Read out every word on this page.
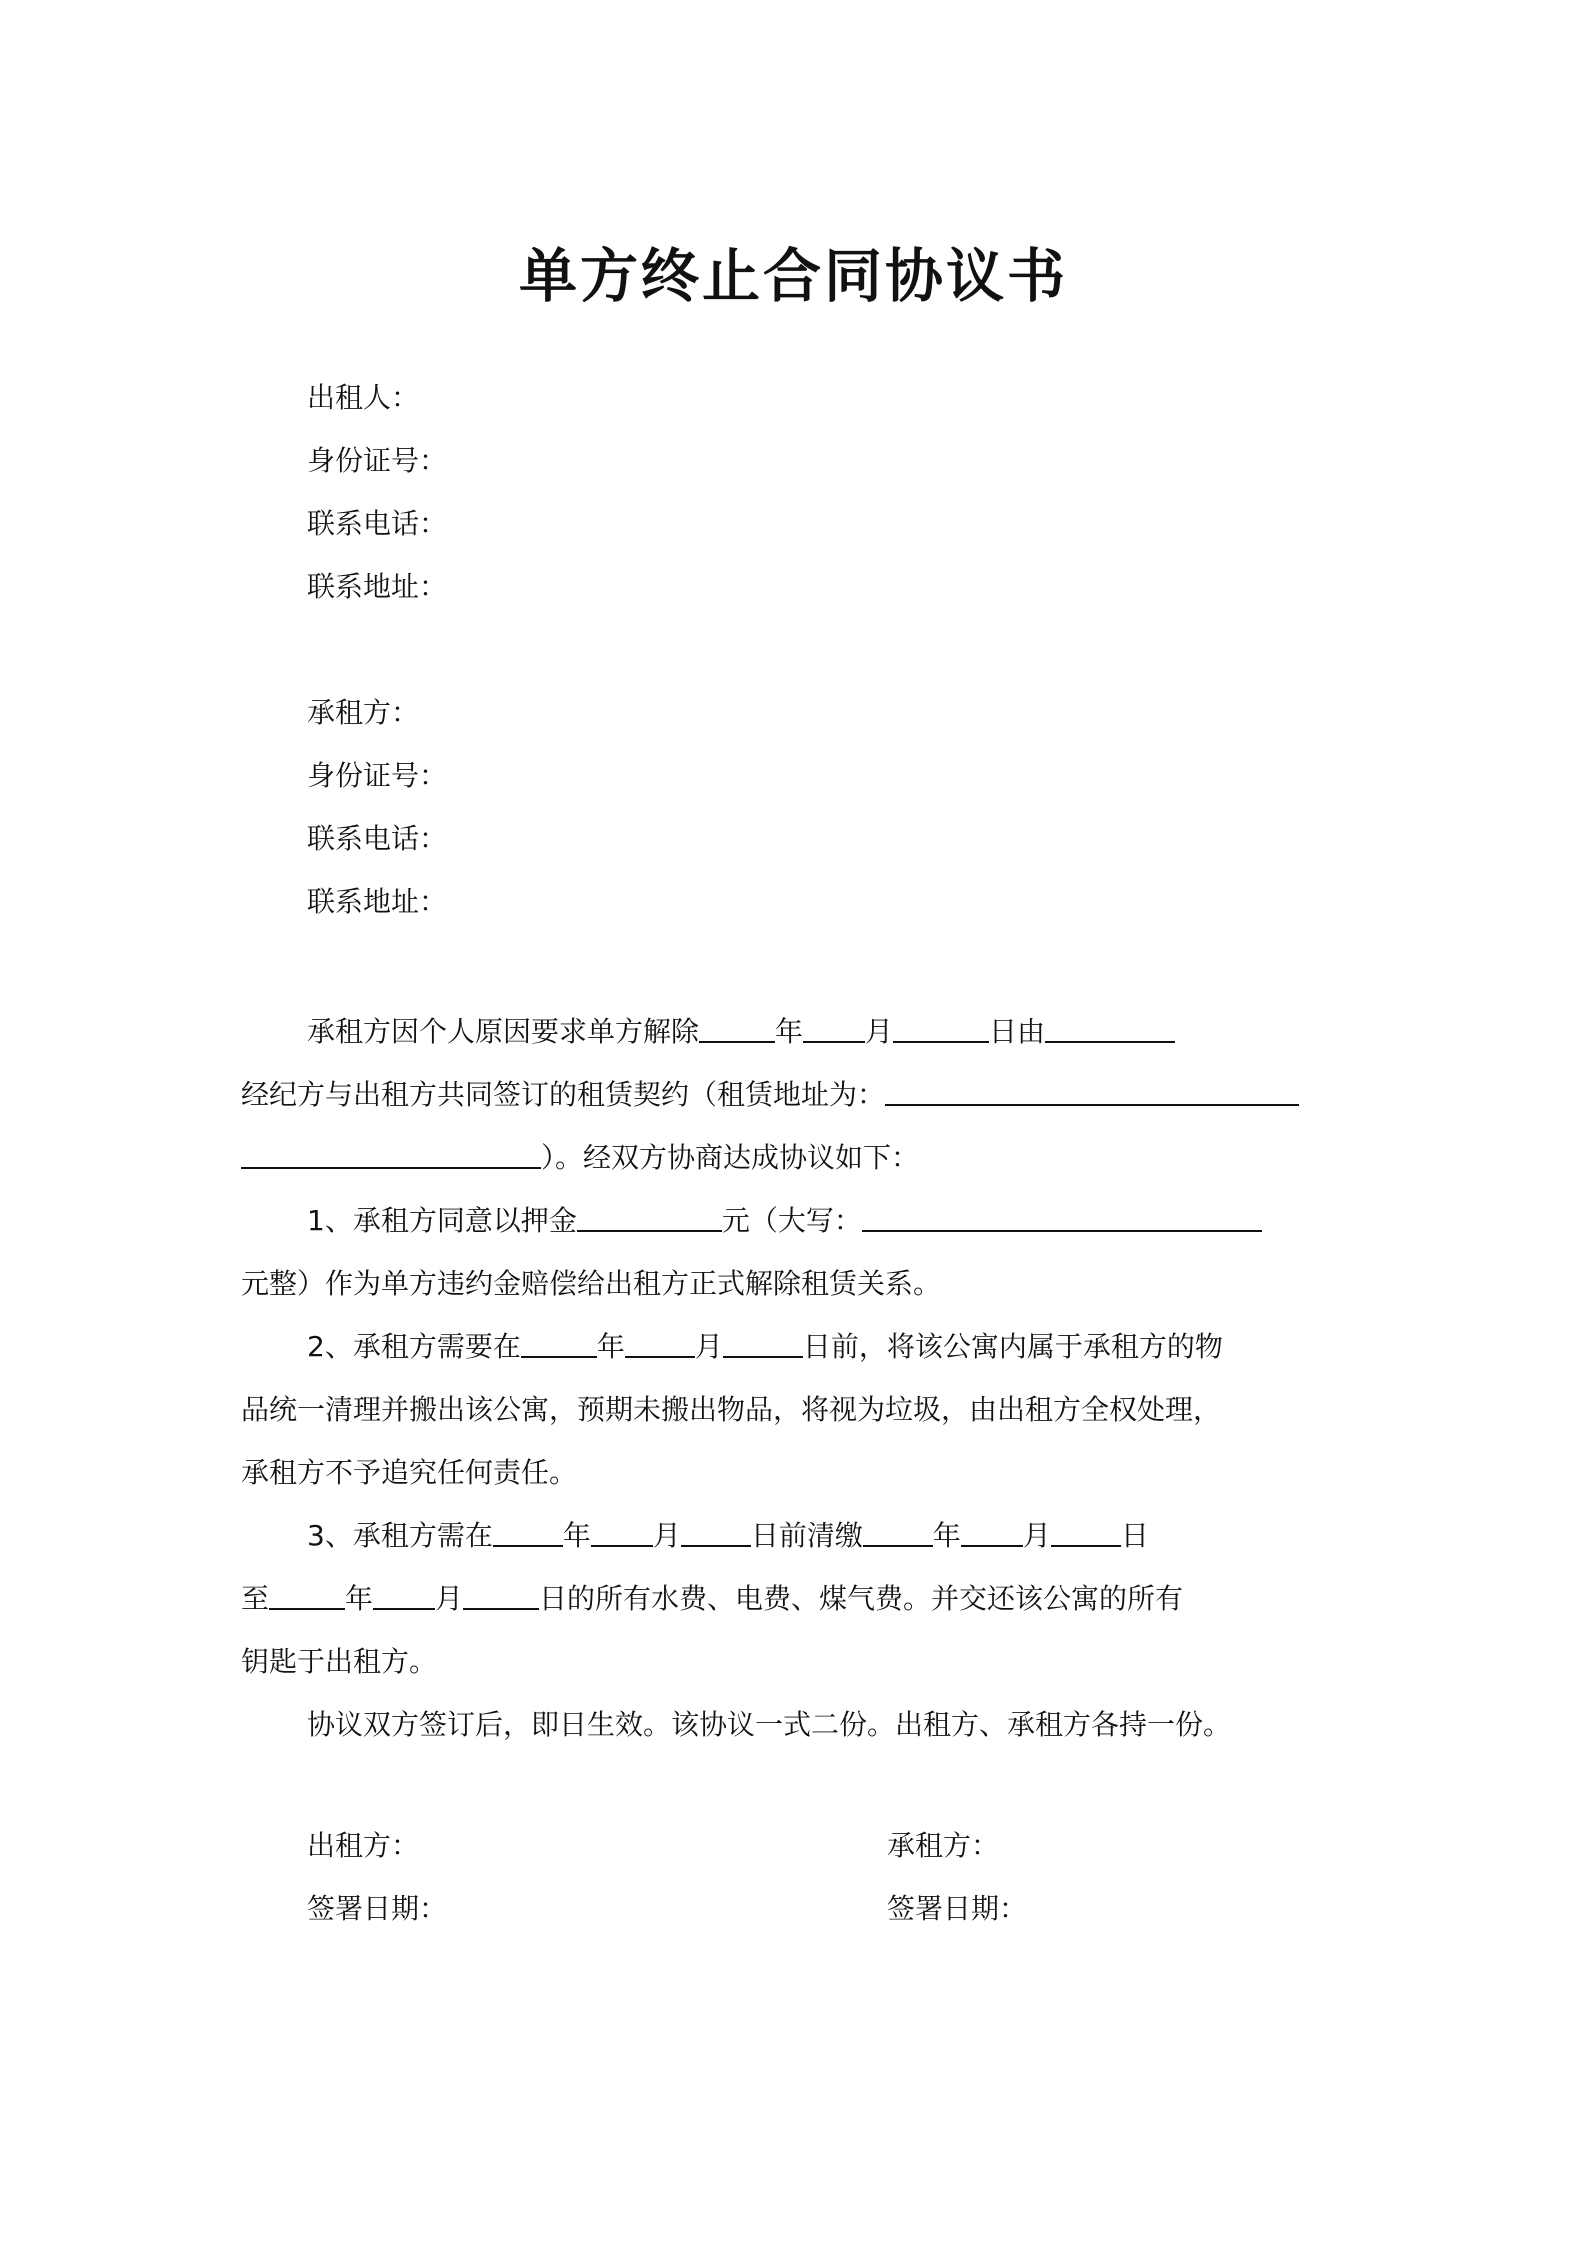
单方终止合同协议书
出租人：
身份证号：
联系电话：
联系地址：
承租方：
身份证号：
联系电话：
联系地址：
承租方因个人原因要求单方解除	年 月	日由
经纪方与出租方共同签订的租赁契约（租赁地址为：
）。经双方协商达成协议如下：
1、承租方同意以押金	元（大写：
元整）作为单方违约金赔偿给出租方正式解除租赁关系。
2、承租方需要在	年	月	日前，将该公寓内属于承租方的物
品统一清理并搬出该公寓，预期未搬出物品，将视为垃圾，由出租方全权处理，
承租方不予追究任何责任。
3、承租方需在	年 月	日前清缴	年 月	日
至	年 月	日的所有水费、电费、煤气费。并交还该公寓的所有
钥匙于出租方。
协议双方签订后，即日生效。该协议一式二份。出租方、承租方各持一份。
出租方：	承租方：
签署日期：	签署日期：
